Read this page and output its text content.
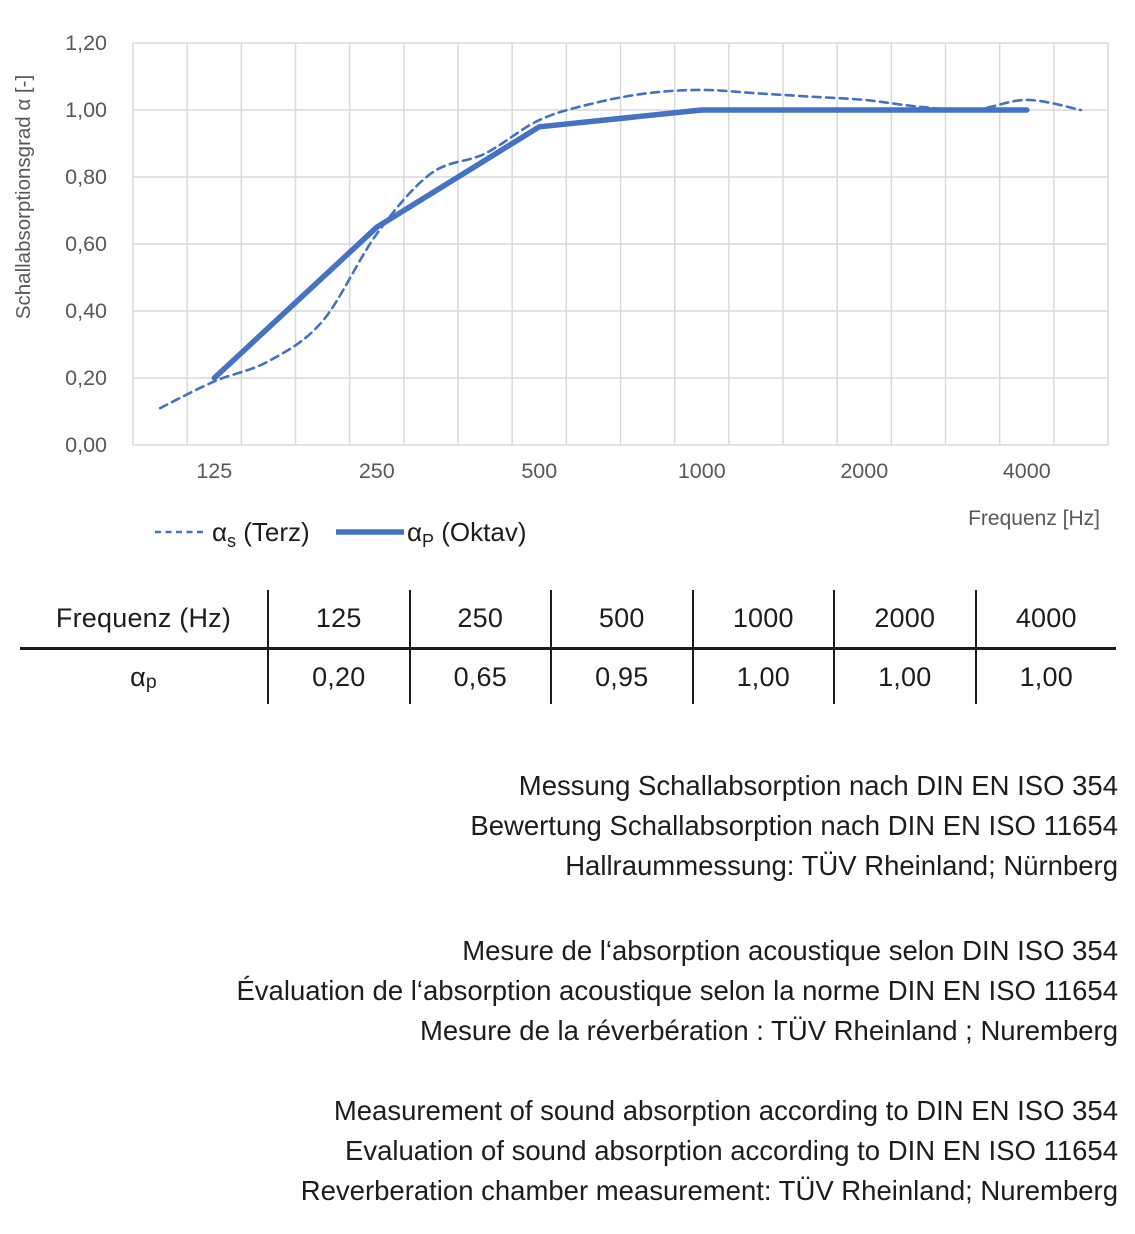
0,00
0,20
0,40
0,60
0,80
1,00
1,20
Schallabsorptionsgrad α [-]
125	250	500	1000	2000	4000
Frequenz [Hz]
$\alpha_s$ (Terz)	$\alpha_P$ (Oktav)
Frequenz (Hz)	125	250	500	1000	2000	4000
$\alpha_p$	0,20	0,65	0,95	1,00	1,00	1,00
Messung Schallabsorption nach DIN EN ISO 354
Bewertung Schallabsorption nach DIN EN ISO 11654
Hallraummessung: TÜV Rheinland; Nürnberg
Mesure de l‘absorption acoustique selon DIN ISO 354
Évaluation de l‘absorption acoustique selon la norme DIN EN ISO 11654
Mesure de la réverbération : TÜV Rheinland ; Nuremberg
Measurement of sound absorption according to DIN EN ISO 354
Evaluation of sound absorption according to DIN EN ISO 11654
Reverberation chamber measurement: TÜV Rheinland; Nuremberg
